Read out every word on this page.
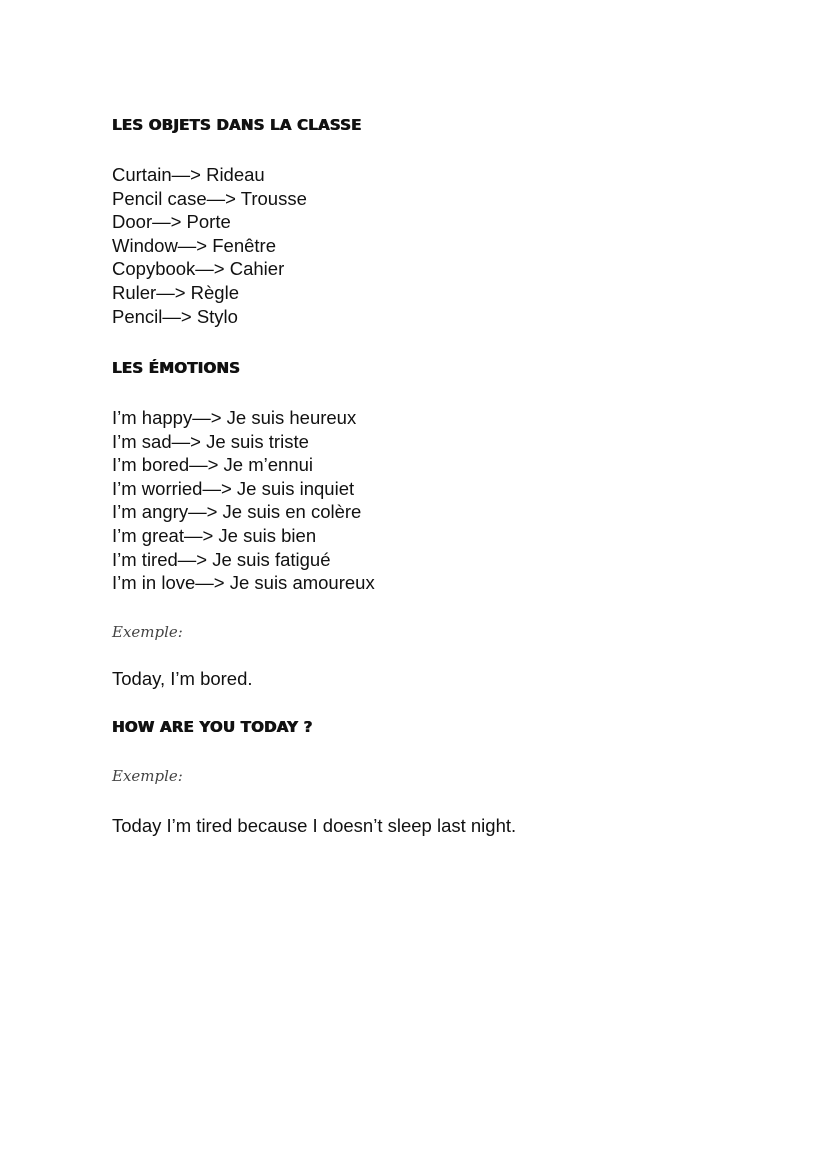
LES OBJETS DANS LA CLASSE
Curtain—> Rideau
Pencil case—> Trousse
Door—> Porte
Window—> Fenêtre
Copybook—> Cahier
Ruler—> Règle
Pencil—> Stylo
LES ÉMOTIONS
I’m happy—> Je suis heureux
I’m sad—> Je suis triste
I’m bored—> Je m’ennui
I’m worried—> Je suis inquiet
I’m angry—> Je suis en colère
I’m great—> Je suis bien
I’m tired—> Je suis fatigué
I’m in love—> Je suis amoureux
Exemple:
Today, I’m bored.
HOW ARE YOU TODAY ?
Exemple:
Today I’m tired because I doesn’t sleep last night.
